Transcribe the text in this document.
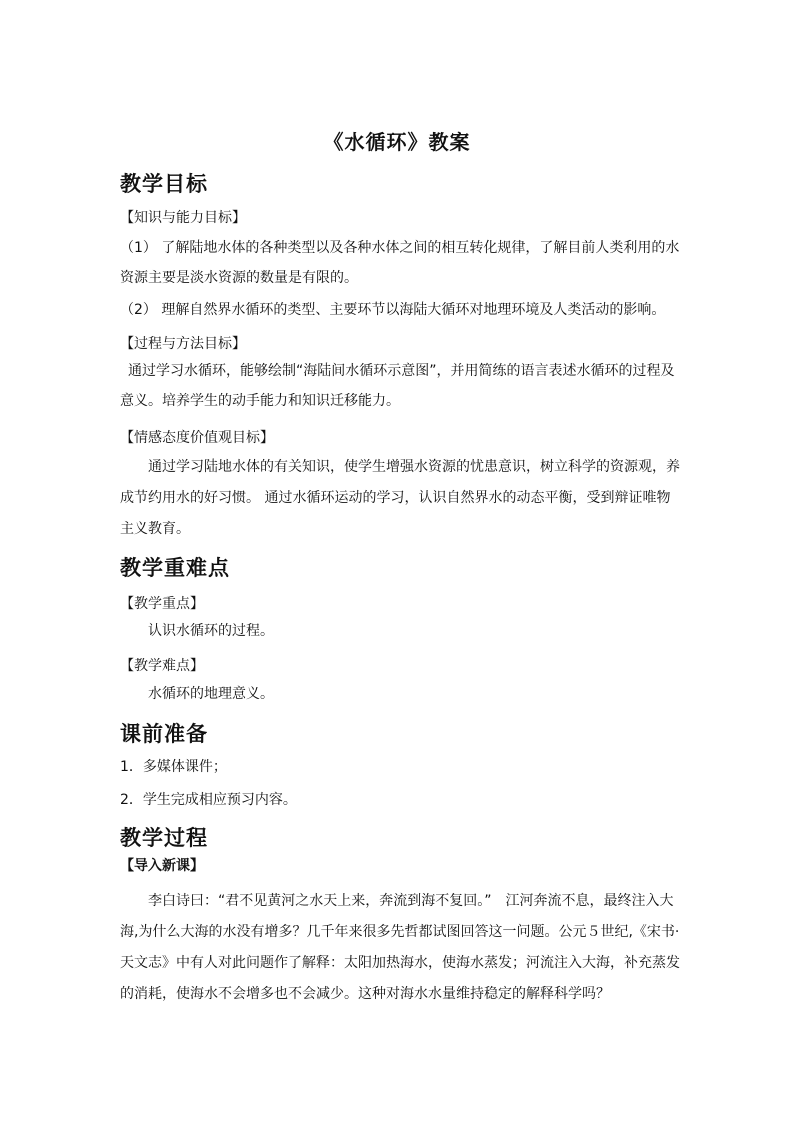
《水循环》教案
教学目标
【知识与能力目标】
（1） 了解陆地水体的各种类型以及各种水体之间的相互转化规律，了解目前人类利用的水资源主要是淡水资源的数量是有限的。
（2） 理解自然界水循环的类型、主要环节以海陆大循环对地理环境及人类活动的影响。
【过程与方法目标】
通过学习水循环，能够绘制“海陆间水循环示意图”，并用简练的语言表述水循环的过程及意义。培养学生的动手能力和知识迁移能力。
【情感态度价值观目标】
通过学习陆地水体的有关知识，使学生增强水资源的忧患意识，树立科学的资源观，养成节约用水的好习惯。 通过水循环运动的学习，认识自然界水的动态平衡，受到辩证唯物主义教育。
教学重难点
【教学重点】
认识水循环的过程。
【教学难点】
水循环的地理意义。
课前准备
1．多媒体课件；
2．学生完成相应预习内容。
教学过程
【导入新课】
李白诗曰：“君不见黄河之水天上来，奔流到海不复回。”　江河奔流不息，最终注入大海,为什么大海的水没有增多？几千年来很多先哲都试图回答这一问题。公元５世纪,《宋书·天文志》中有人对此问题作了解释：太阳加热海水，使海水蒸发；河流注入大海，补充蒸发的消耗，使海水不会增多也不会减少。这种对海水水量维持稳定的解释科学吗？
